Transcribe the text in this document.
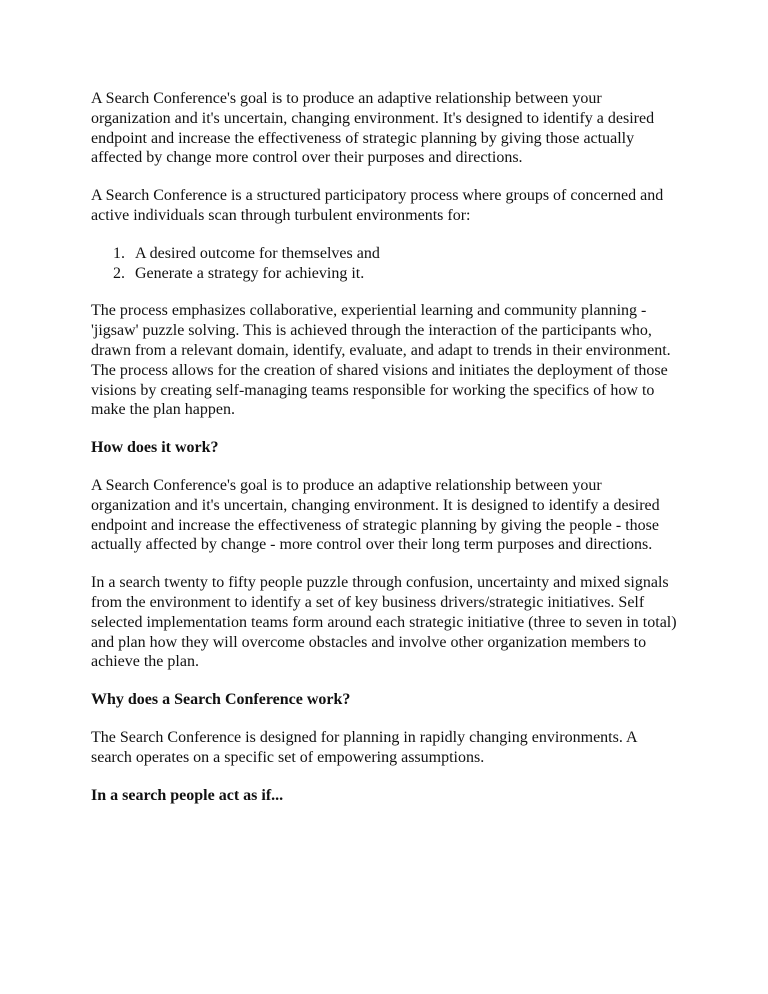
A Search Conference's goal is to produce an adaptive relationship between your organization and it's uncertain, changing environment. It's designed to identify a desired endpoint and increase the effectiveness of strategic planning by giving those actually affected by change more control over their purposes and directions.

A Search Conference is a structured participatory process where groups of concerned and active individuals scan through turbulent environments for:

1. A desired outcome for themselves and
2. Generate a strategy for achieving it.

The process emphasizes collaborative, experiential learning and community planning - 'jigsaw' puzzle solving. This is achieved through the interaction of the participants who, drawn from a relevant domain, identify, evaluate, and adapt to trends in their environment. The process allows for the creation of shared visions and initiates the deployment of those visions by creating self-managing teams responsible for working the specifics of how to make the plan happen.

How does it work?

A Search Conference's goal is to produce an adaptive relationship between your organization and it's uncertain, changing environment. It is designed to identify a desired endpoint and increase the effectiveness of strategic planning by giving the people - those actually affected by change - more control over their long term purposes and directions.

In a search twenty to fifty people puzzle through confusion, uncertainty and mixed signals from the environment to identify a set of key business drivers/strategic initiatives. Self selected implementation teams form around each strategic initiative (three to seven in total) and plan how they will overcome obstacles and involve other organization members to achieve the plan.

Why does a Search Conference work?

The Search Conference is designed for planning in rapidly changing environments. A search operates on a specific set of empowering assumptions.

In a search people act as if...
